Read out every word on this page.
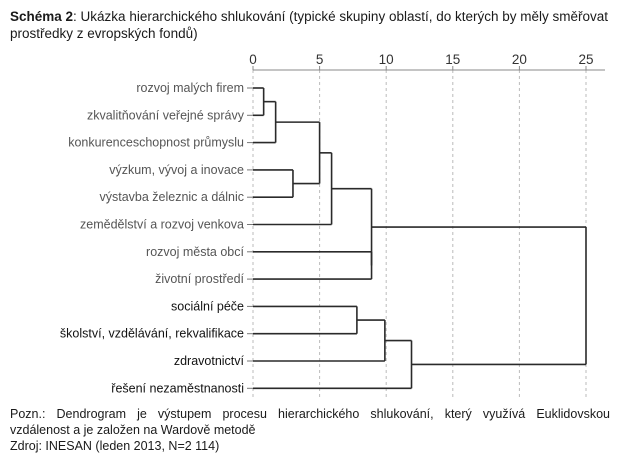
Schéma 2: Ukázka hierarchického shlukování (typické skupiny oblastí, do kterých by měly směřovat prostředky z evropských fondů)
0	5	10	15	20	25
rozvoj malých firem
zkvalitňování veřejné správy
konkurenceschopnost průmyslu
výzkum, vývoj a inovace
výstavba železnic a dálnic
zemědělství a rozvoj venkova
rozvoj města obcí
životní prostředí
sociální péče
školství, vzdělávání, rekvalifikace
zdravotnictví
řešení nezaměstnanosti
Pozn.: Dendrogram je výstupem procesu hierarchického shlukování, který využívá Euklidovskou
vzdálenost a je založen na Wardově metodě
Zdroj: INESAN (leden 2013, N=2 114)
